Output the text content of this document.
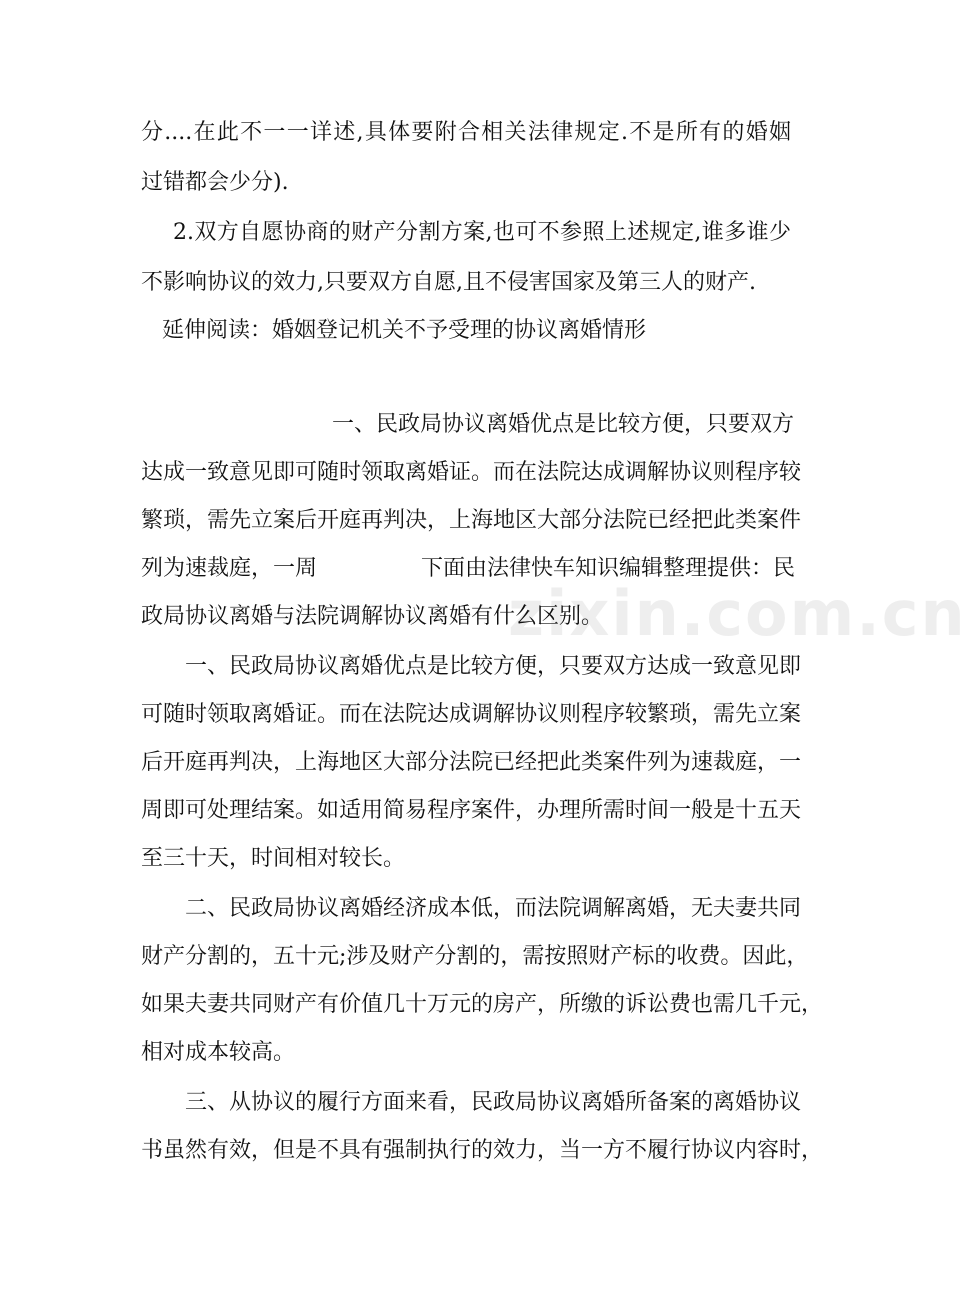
zixin.com.cn
分....在此不一一详述,具体要附合相关法律规定.不是所有的婚姻
过错都会少分).
2.双方自愿协商的财产分割方案,也可不参照上述规定,谁多谁少
不影响协议的效力,只要双方自愿,且不侵害国家及第三人的财产.
延伸阅读：婚姻登记机关不予受理的协议离婚情形
一、民政局协议离婚优点是比较方便，只要双方
达成一致意见即可随时领取离婚证。而在法院达成调解协议则程序较
繁琐，需先立案后开庭再判决，上海地区大部分法院已经把此类案件
列为速裁庭，一周	下面由法律快车知识编辑整理提供：民
政局协议离婚与法院调解协议离婚有什么区别。
一、民政局协议离婚优点是比较方便，只要双方达成一致意见即
可随时领取离婚证。而在法院达成调解协议则程序较繁琐，需先立案
后开庭再判决，上海地区大部分法院已经把此类案件列为速裁庭，一
周即可处理结案。如适用简易程序案件，办理所需时间一般是十五天
至三十天，时间相对较长。
二、民政局协议离婚经济成本低，而法院调解离婚，无夫妻共同
财产分割的，五十元;涉及财产分割的，需按照财产标的收费。因此，
如果夫妻共同财产有价值几十万元的房产，所缴的诉讼费也需几千元，
相对成本较高。
三、从协议的履行方面来看，民政局协议离婚所备案的离婚协议
书虽然有效，但是不具有强制执行的效力，当一方不履行协议内容时，
